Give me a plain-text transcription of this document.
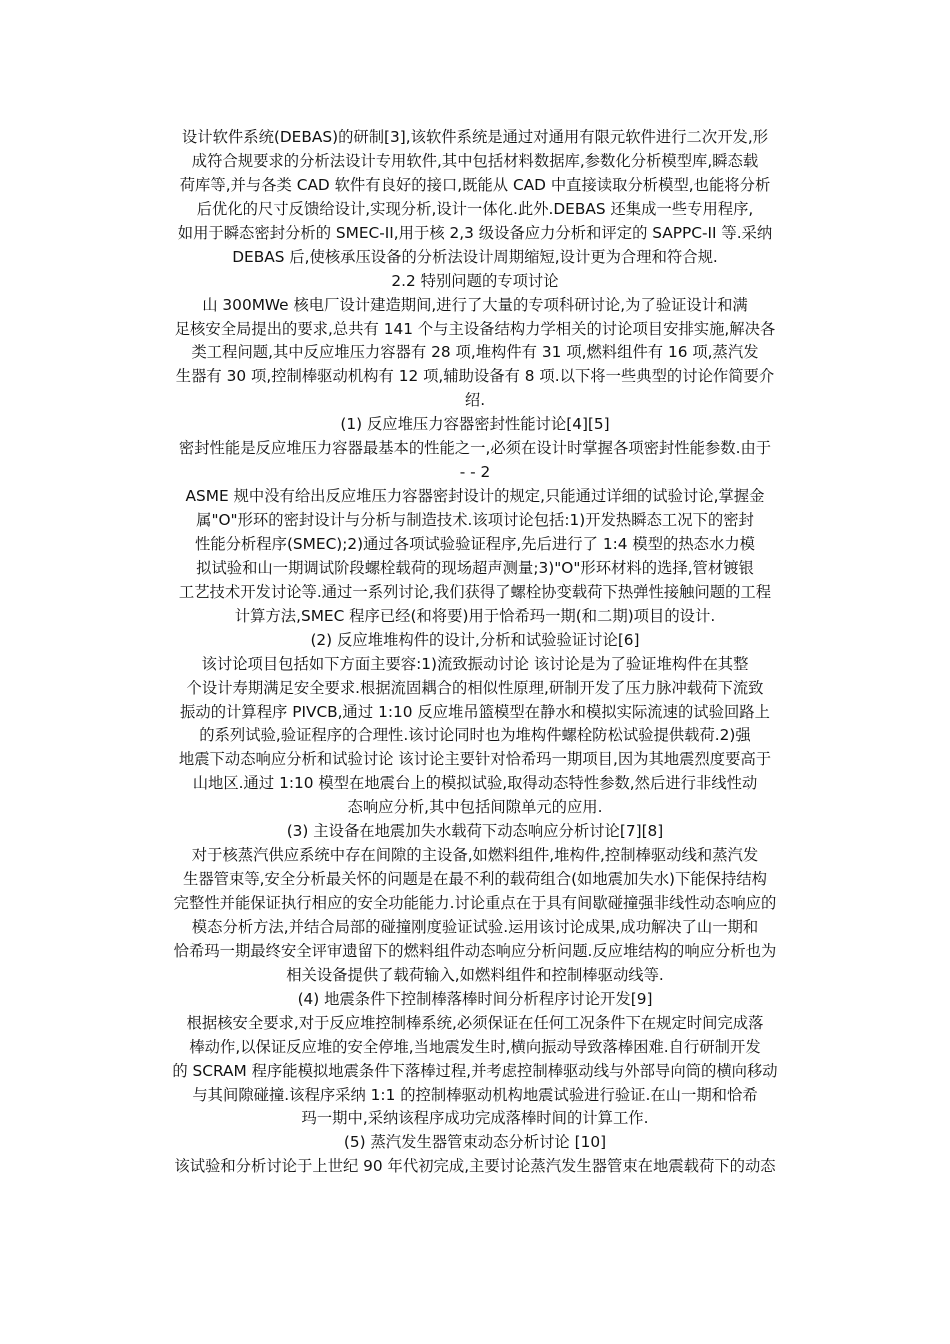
设计软件系统(DEBAS)的研制[3],该软件系统是通过对通用有限元软件进行二次开发,形
成符合规要求的分析法设计专用软件,其中包括材料数据库,参数化分析模型库,瞬态载
荷库等,并与各类 CAD 软件有良好的接口,既能从 CAD 中直接读取分析模型,也能将分析
后优化的尺寸反馈给设计,实现分析,设计一体化.此外.DEBAS 还集成一些专用程序,
如用于瞬态密封分析的 SMEC-II,用于核 2,3 级设备应力分析和评定的 SAPPC-II 等.采纳
DEBAS 后,使核承压设备的分析法设计周期缩短,设计更为合理和符合规.
2.2 特别问题的专项讨论
山 300MWe 核电厂设计建造期间,进行了大量的专项科研讨论,为了验证设计和满
足核安全局提出的要求,总共有 141 个与主设备结构力学相关的讨论项目安排实施,解决各
类工程问题,其中反应堆压力容器有 28 项,堆构件有 31 项,燃料组件有 16 项,蒸汽发
生器有 30 项,控制棒驱动机构有 12 项,辅助设备有 8 项.以下将一些典型的讨论作简要介
绍.
(1) 反应堆压力容器密封性能讨论[4][5]
密封性能是反应堆压力容器最基本的性能之一,必须在设计时掌握各项密封性能参数.由于
- - 2
ASME 规中没有给出反应堆压力容器密封设计的规定,只能通过详细的试验讨论,掌握金
属"O"形环的密封设计与分析与制造技术.该项讨论包括:1)开发热瞬态工况下的密封
性能分析程序(SMEC);2)通过各项试验验证程序,先后进行了 1:4 模型的热态水力模
拟试验和山一期调试阶段螺栓载荷的现场超声测量;3)"O"形环材料的选择,管材镀银
工艺技术开发讨论等.通过一系列讨论,我们获得了螺栓协变载荷下热弹性接触问题的工程
计算方法,SMEC 程序已经(和将要)用于恰希玛一期(和二期)项目的设计.
(2) 反应堆堆构件的设计,分析和试验验证讨论[6]
该讨论项目包括如下方面主要容:1)流致振动讨论 该讨论是为了验证堆构件在其整
个设计寿期满足安全要求.根据流固耦合的相似性原理,研制开发了压力脉冲载荷下流致
振动的计算程序 PIVCB,通过 1:10 反应堆吊篮模型在静水和模拟实际流速的试验回路上
的系列试验,验证程序的合理性.该讨论同时也为堆构件螺栓防松试验提供载荷.2)强
地震下动态响应分析和试验讨论 该讨论主要针对恰希玛一期项目,因为其地震烈度要高于
山地区.通过 1:10 模型在地震台上的模拟试验,取得动态特性参数,然后进行非线性动
态响应分析,其中包括间隙单元的应用.
(3) 主设备在地震加失水载荷下动态响应分析讨论[7][8]
对于核蒸汽供应系统中存在间隙的主设备,如燃料组件,堆构件,控制棒驱动线和蒸汽发
生器管束等,安全分析最关怀的问题是在最不利的载荷组合(如地震加失水)下能保持结构
完整性并能保证执行相应的安全功能能力.讨论重点在于具有间歇碰撞强非线性动态响应的
模态分析方法,并结合局部的碰撞刚度验证试验.运用该讨论成果,成功解决了山一期和
恰希玛一期最终安全评审遗留下的燃料组件动态响应分析问题.反应堆结构的响应分析也为
相关设备提供了载荷输入,如燃料组件和控制棒驱动线等.
(4) 地震条件下控制棒落棒时间分析程序讨论开发[9]
根据核安全要求,对于反应堆控制棒系统,必须保证在任何工况条件下在规定时间完成落
棒动作,以保证反应堆的安全停堆,当地震发生时,横向振动导致落棒困难.自行研制开发
的 SCRAM 程序能模拟地震条件下落棒过程,并考虑控制棒驱动线与外部导向筒的横向移动
与其间隙碰撞.该程序采纳 1:1 的控制棒驱动机构地震试验进行验证.在山一期和恰希
玛一期中,采纳该程序成功完成落棒时间的计算工作.
(5) 蒸汽发生器管束动态分析讨论 [10]
该试验和分析讨论于上世纪 90 年代初完成,主要讨论蒸汽发生器管束在地震载荷下的动态
